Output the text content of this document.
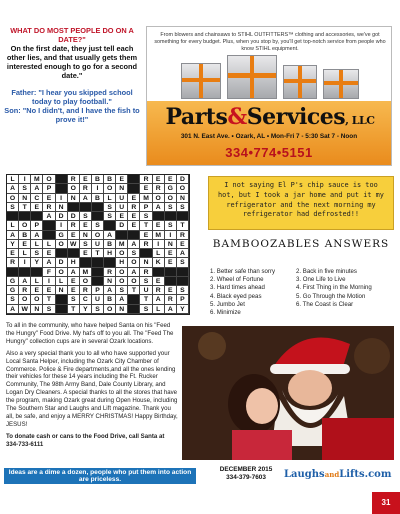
WHAT DO MOST PEOPLE DO ON A DATE?"
On the first date, they just tell each other lies, and that usually gets them interested enough to go for a second date."
Father: "I hear you skipped school today to play football."
Son: "No I didn't, and I have the fish to prove it!"
From blowers and chainsaws to STIHL OUTFITTERS™ clothing and accessories, we've got something for every budget. Plus, when you stop by, you'll get top-notch service from people who know STIHL equipment.
Parts&Services, LLC
301 N. East Ave. • Ozark, AL • Mon-Fri 7 - 5:30 Sat 7 - Noon
334•774•5151
L	I	M O	R	E	B	B	E	R	E	E	D
A	S	A	P	O	R	I	O	N	E	R	G	O
O	N	C	E	I	N	A	B	L	U	E	M O	O	N
S	T	E	R	N	S	U	R	P	A	S	S
A	D	D	S	S	E	E	S
L	O	P	I	R	E	S	D	E	T	E	S	T
A	B	A	G	E	N	O	A	E	M	I	R
Y	E	L	L	O W S	U	B	M	A	R	I	N	E
E	L	S	E	E	T	H	O	S	L	E	A
R	I	Y	A	D	H	H	O	N	K	E	S
F	O	A	M	R	O	A	R
G	A	L	I	L	E	O	N	O	O	S	E
G	R	E	E	N	E	R	P	A	S	T	U	R	E	S
S	O	O	T	S	C	U	B	A	T	A	R	P
A W N	S	T	Y	S	O	N	S	L	A	Y
I not saying El P's chip sauce is too hot, but I took a jar home and put it my refrigerator and the next morning my refrigerator had defrosted!!
BAMBOOZABLES ANSWERS
1. Better safe than sorry
2. Wheel of Fortune
3. Hard times ahead
4. Black eyed peas
5. Jumbo Jet
6. Minimize
2. Back in five minutes
3. One Life to Live
4. First Thing in the Morning
5. Go Through the Motion
6. The Coast is Clear

To all in the community, who have helped Santa on his "Feed the Hungry" Food Drive. My hat's off to you all. The "Feed The Hungry" collection cups are in several Ozark locations.

Also a very special thank you to all who have supported your Local Santa Helper, including the Ozark City Chamber of Commerce. Police & Fire departments,and all the ones lending their vehicles for these 14 years including the Ft. Rucker Community, The 98th Army Band, Dale County Library, and Logan Dry Cleaners. A special thanks to all the stores that have the program, making Ozark great during Open House, including The Southern Star and Laughs and Lift magazine. Thank you all, be safe, and enjoy a MERRY CHRISTMAS! Happy Birthday, JESUS!

To donate cash or cans to the Food Drive, call Santa at 334-733-6111

Ideas are a dime a dozen, people who put them into action are priceless.
DECEMBER 2015
334-379-7603	LaughsandLifts.com
31
